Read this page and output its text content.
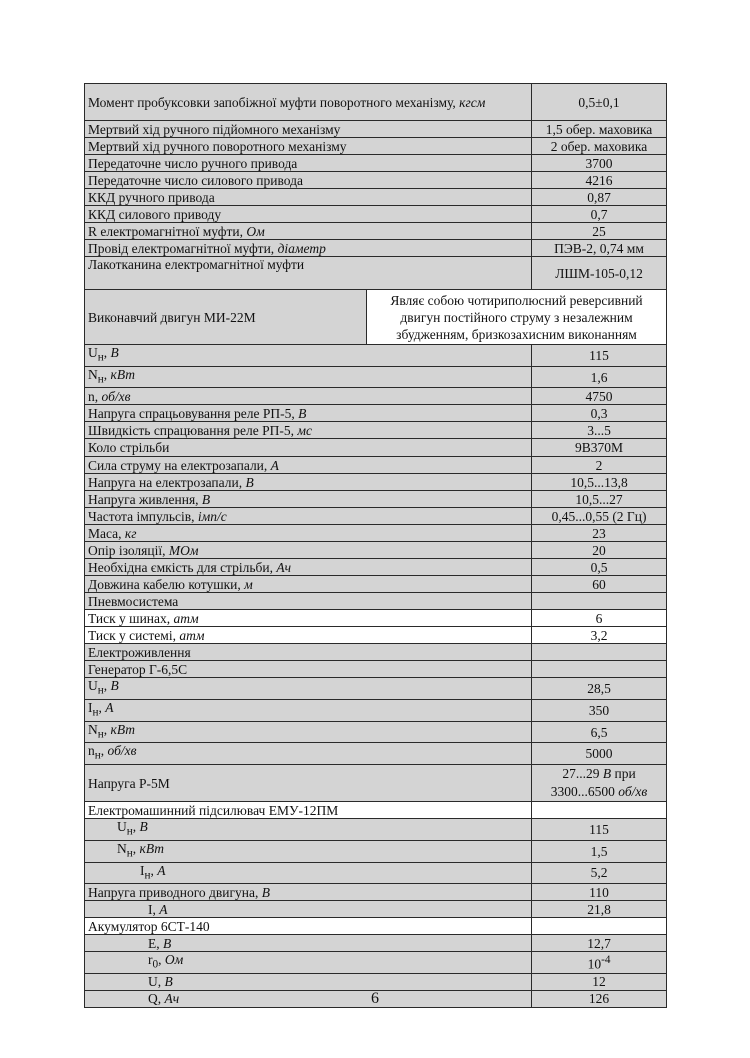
Момент пробуксовки запобіжної муфти поворотного механізму, кгсм		0,5±0,1
Мертвий хід ручного підйомного механізму		1,5 обер. маховика
Мертвий хід ручного поворотного механізму		2 обер. маховика
Передаточне число ручного привода		3700
Передаточне число силового привода		4216
ККД ручного привода		0,87
ККД силового приводу		0,7
R електромагнітної муфти, Ом		25
Провід електромагнітної муфти, діаметр		ПЭВ-2, 0,74 мм
Лакотканина електромагнітної муфти		ЛШМ-105-0,12
Виконавчий двигун МИ-22М	Являє собою чотириполюсний реверсивний двигун постійного струму з незалежним збудженням, бризкозахисним виконанням	
$U_н$, В		115
$N_н$, кВт		1,6
n, об/хв		4750
Напруга спрацьовування реле РП-5, В		0,3
Швидкість спрацювання реле РП-5, мс		3...5
Коло стрільби		9В370М
Сила струму на електрозапали, А		2
Напруга на електрозапали, В		10,5...13,8
Напруга живлення, В		10,5...27
Частота імпульсів, імп/с		0,45...0,55 (2 Гц)
Маса, кг		23
Опір ізоляції, МОм		20
Необхідна ємкість для стрільби, Ач		0,5
Довжина кабелю котушки, м		60
Пневмосистема		
Тиск у шинах, атм		6
Тиск у системі, атм		3,2
Електроживлення		
Генератор Г-6,5С		
$U_н$, В		28,5
$I_н$, А		350
$N_н$, кВт		6,5
$n_н$, об/хв		5000
Напруга Р-5М		27...29 В при
3300...6500 об/хв
Електромашинний підсилювач ЕМУ-12ПМ		
$U_н$, В		115
$N_н$, кВт		1,5
$I_н$, А		5,2
Напруга приводного двигуна, В		110
I, А		21,8
Акумулятор 6СТ-140		
E, В		12,7
$r_0$, Ом		$10^{-4}$
U, В		12
Q, Ач		126
6
